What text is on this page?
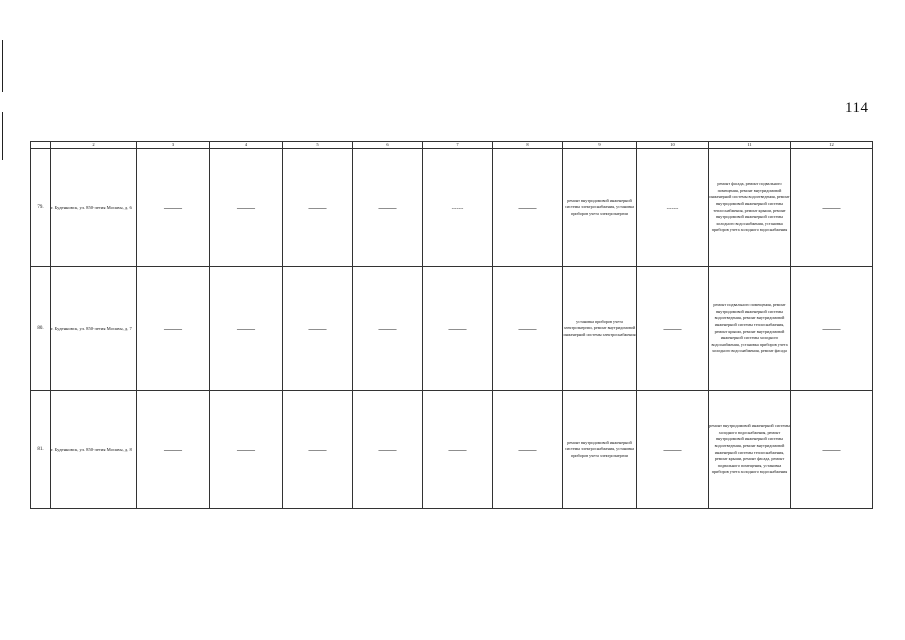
114
	2	3	4	5	6	7	8	9	10	11	12
79.	г. Буденновск, ул. 850-летия Москвы, д. 6	——	——	——	——	-----	——	ремонт внутридомовой инженерной системы электроснабжения, установка приборов учета электроэнергии	-----	ремонт фасада, ремонт подвального помещения, ремонт внутридомовой инженерной системы водоотведения, ремонт внутридомовой инженерной системы теплоснабжения, ремонт крыши, ремонт внутридомовой инженерной системы холодного водоснабжения, установка приборов учета холодного водоснабжения	——
80.	г. Буденновск, ул. 850-летия Москвы, д. 7	——	——	——	——	——	——	установка приборов учета электроэнергии, ремонт внутридомовой инженерной системы электроснабжения	——	ремонт подвального помещения, ремонт внутридомовой инженерной системы водоотведения, ремонт внутридомовой инженерной системы теплоснабжения, ремонт крыши, ремонт внутридомовой инженерной системы холодного водоснабжения, установка приборов учета холодного водоснабжения, ремонт фасада	——
81.	г. Буденновск, ул. 850-летия Москвы, д. 8	——	——	——	——	——	——	ремонт внутридомовой инженерной системы электроснабжения, установка приборов учета электроэнергии	——	ремонт внутридомовой инженерной системы холодного водоснабжения, ремонт внутридомовой инженерной системы водоотведения, ремонт внутридомовой инженерной системы теплоснабжения, ремонт крыши, ремонт фасада, ремонт подвального помещения, установка приборов учета холодного водоснабжения	——
